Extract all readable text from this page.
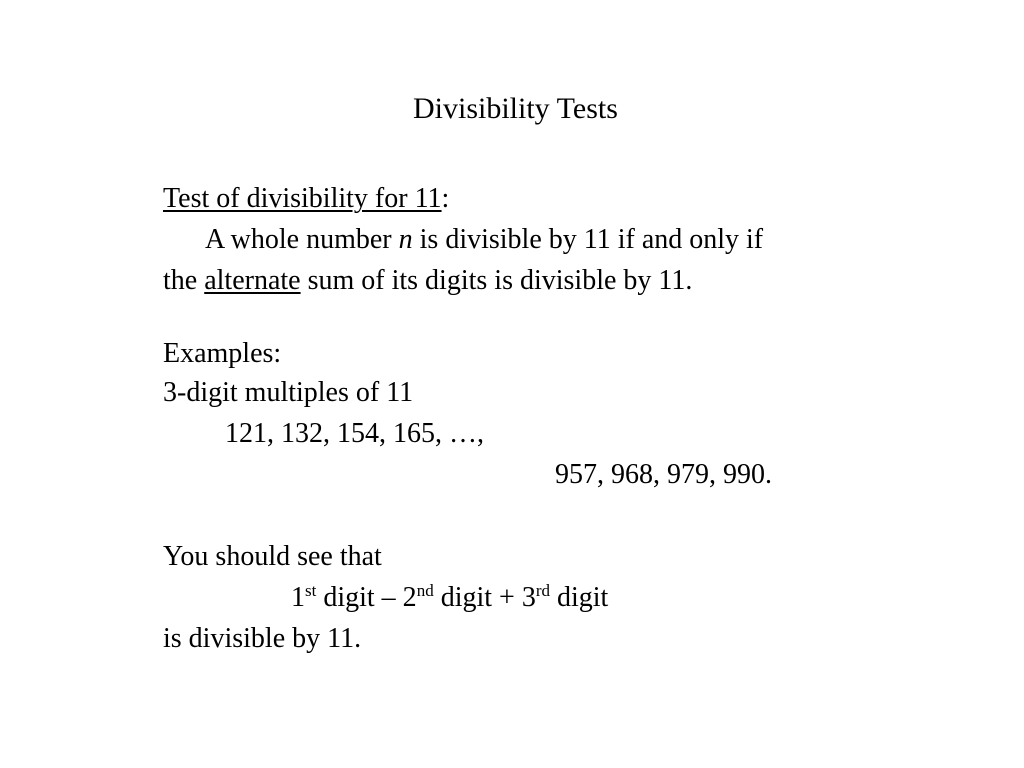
Divisibility Tests
Test of divisibility for 11:
A whole number n is divisible by 11 if and only if
the alternate sum of its digits is divisible by 11.
Examples:
3-digit multiples of 11
121, 132, 154, 165, …,
957, 968, 979, 990.
You should see that
1st digit – 2nd digit + 3rd digit
is divisible by 11.
